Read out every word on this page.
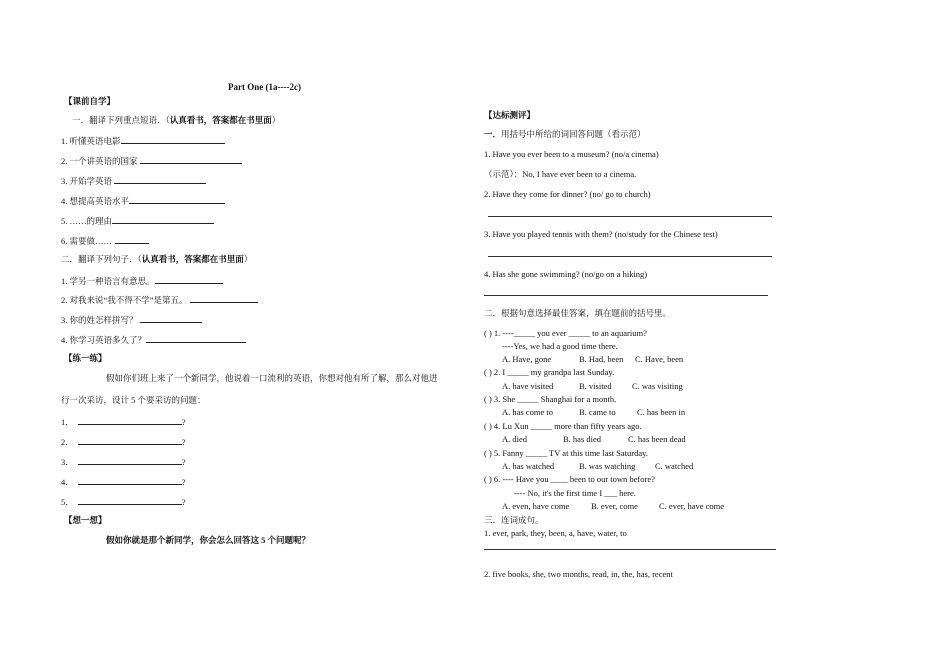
Part One (1a----2c)
【课前自学】
一．翻译下列重点短语．（认真看书，答案都在书里面）
1. 听懂英语电影
2. 一个讲英语的国家
3. 开始学英语
4. 想提高英语水平
5. ……的理由
6. 需要做……
二．翻译下列句子．（认真看书，答案都在书里面）
1. 学另一种语言有意思。
2. 对我来说“我不得不学”是第五。
3. 你的姓怎样拼写？
4. 你学习英语多久了？
【练一练】
假如你们班上来了一个新同学，他说着一口流利的英语，你想对他有所了解，那么对他进
行一次采访，设计 5 个要采访的问题：
1．	?
2．	?
3．	?
4．	?
5．	?
【想一想】
假如你就是那个新同学，你会怎么回答这 5 个问题呢？
【达标测评】
一．用括号中所给的词回答问题（看示范）
1. Have you ever been to a museum? (no/a cinema)
（示范）：No, I have ever been to a cinema.
2. Have they come for dinner? (no/ go to church)
3. Have you played tennis with them? (no/study for the Chinese test)
4. Has she gone swimming? (no/go on a hiking)
二．根据句意选择最佳答案，填在题前的括号里。
( ) 1. ----_____ you ever _____ to an aquarium?
----Yes, we had a good time there.
A. Have, gone	B. Had, been C. Have, been
( ) 2. I _____ my grandpa last Sunday.
A. have visited	B. visited C. was visiting
( ) 3. She _____ Shanghai for a month.
A. has come to	B. came to	C. has been in
( ) 4. Lu Xun _____ more than fifty years ago.
A. died	B. has died	C. has been dead
( ) 5. Fanny _____ TV at this time last Saturday.
A. has watched	B. was watching C. watched
( ) 6. ---- Have you ____ been to our town before?
---- No, it's the first time I ___ here.
A. even, have come	B. ever, come C. ever, have come
三．连词成句。
1. ever, park, they, been, a, have, water, to
2. five books, she, two months, read, in, the, has, recent
